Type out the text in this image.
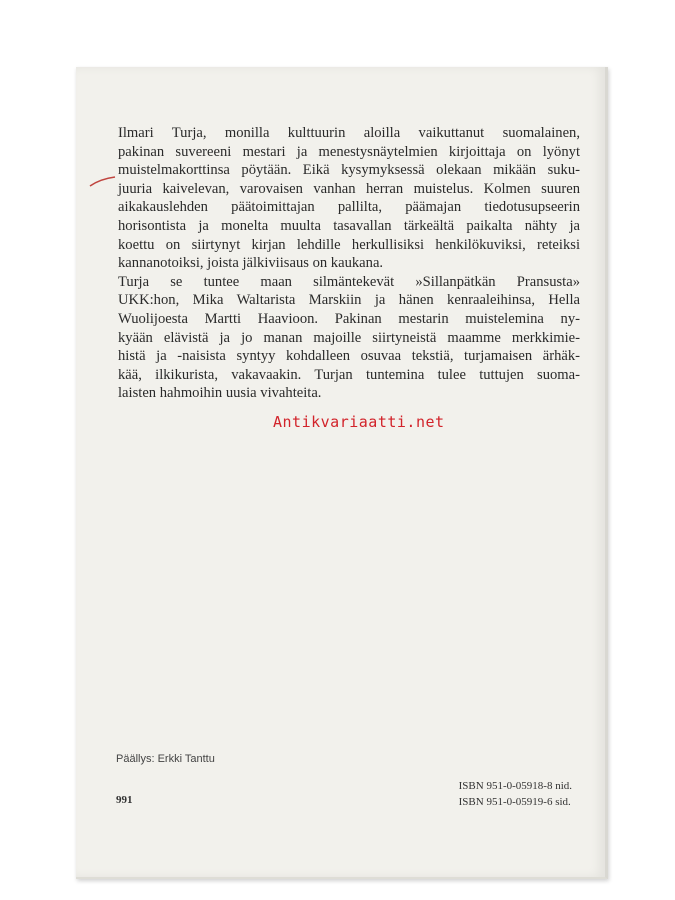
Ilmari Turja, monilla kulttuurin aloilla vaikuttanut suomalainen,
pakinan suvereeni mestari ja menestysnäytelmien kirjoittaja on lyönyt
muistelmakorttinsa pöytään. Eikä kysymyksessä olekaan mikään suku-
juuria kaivelevan, varovaisen vanhan herran muistelus. Kolmen suuren
aikakauslehden päätoimittajan pallilta, päämajan tiedotusupseerin
horisontista ja monelta muulta tasavallan tärkeältä paikalta nähty ja
koettu on siirtynyt kirjan lehdille herkullisiksi henkilökuviksi, reteiksi
kannanotoiksi, joista jälkiviisaus on kaukana.
Turja se tuntee maan silmäntekevät »Sillanpätkän Pransusta»
UKK:hon, Mika Waltarista Marskiin ja hänen kenraaleihinsa, Hella
Wuolijoesta Martti Haavioon. Pakinan mestarin muistelemina ny-
kyään elävistä ja jo manan majoille siirtyneistä maamme merkkimie-
histä ja -naisista syntyy kohdalleen osuvaa tekstiä, turjamaisen ärhäk-
kää, ilkikurista, vakavaakin. Turjan tuntemina tulee tuttujen suoma-
laisten hahmoihin uusia vivahteita.
Antikvariaatti.net
Päällys: Erkki Tanttu
991
ISBN 951-0-05918-8 nid.
ISBN 951-0-05919-6 sid.
